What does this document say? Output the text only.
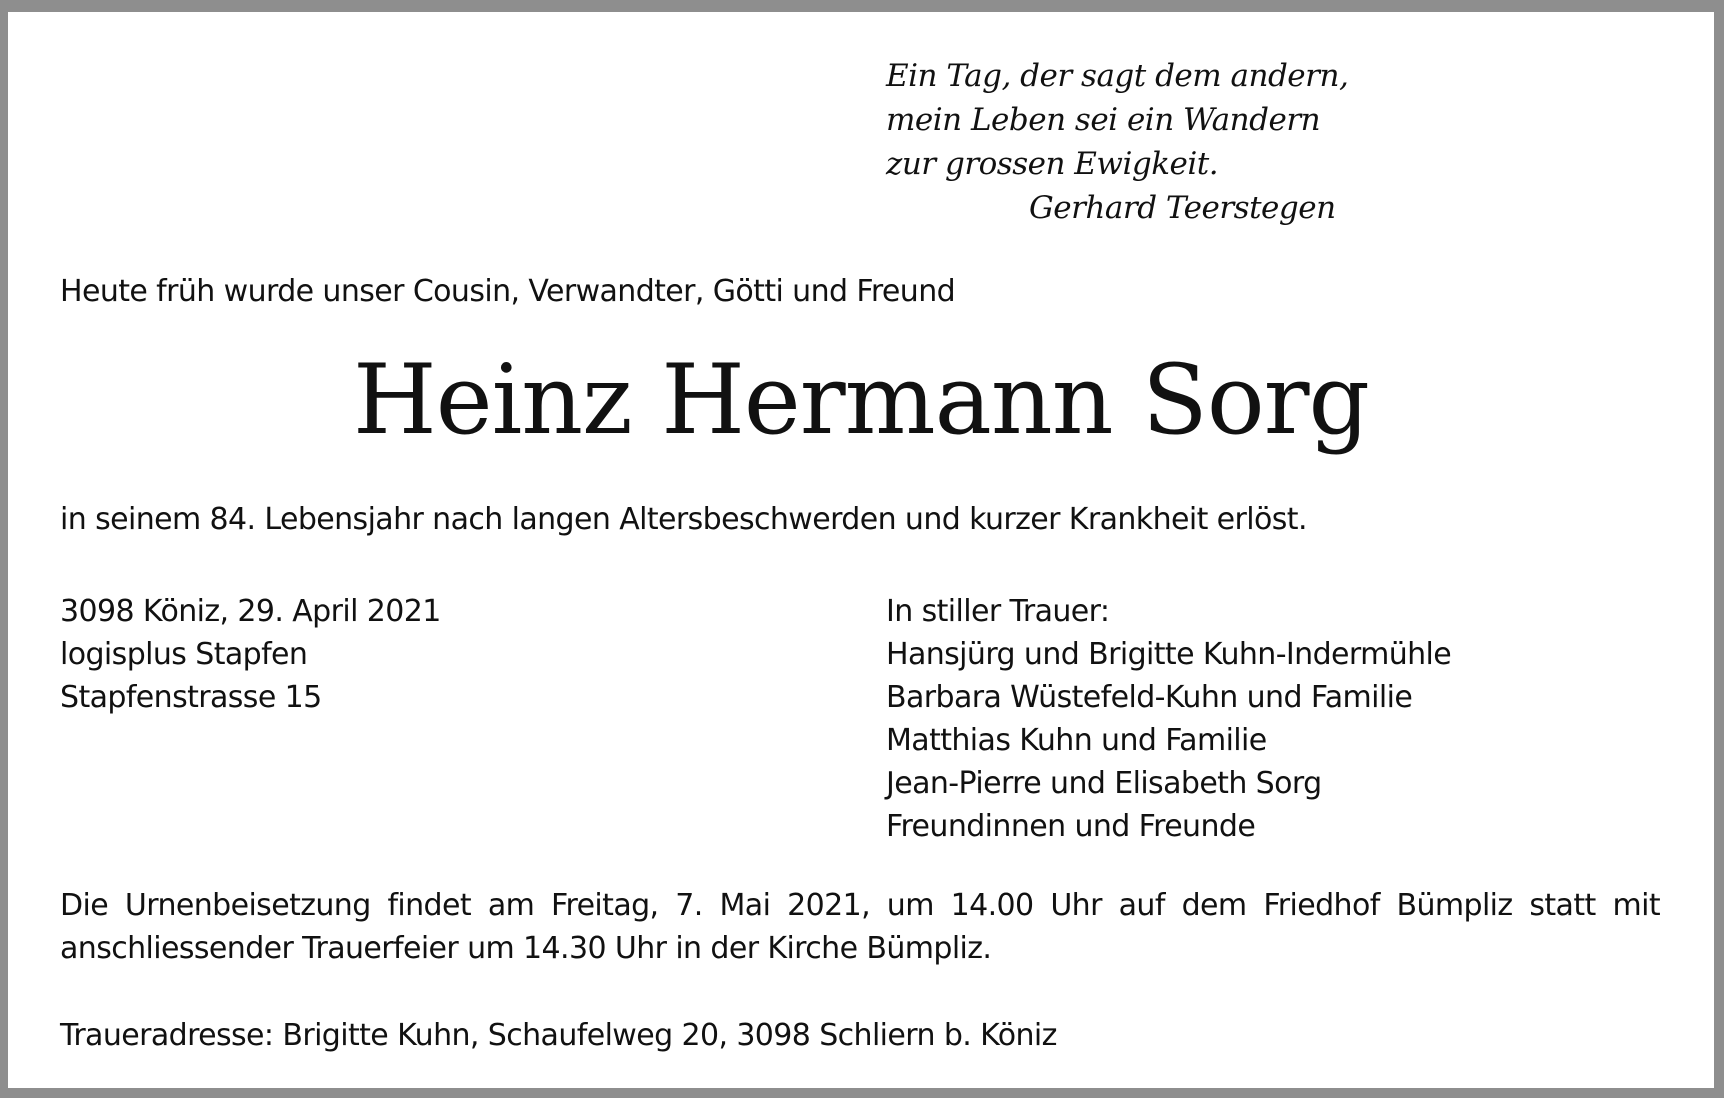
Ein Tag, der sagt dem andern,
mein Leben sei ein Wandern
zur grossen Ewigkeit.
Gerhard Teerstegen
Heute früh wurde unser Cousin, Verwandter, Götti und Freund
Heinz Hermann Sorg
in seinem 84. Lebensjahr nach langen Altersbeschwerden und kurzer Krankheit erlöst.
3098 Köniz, 29. April 2021
logisplus Stapfen
Stapfenstrasse 15
In stiller Trauer:
Hansjürg und Brigitte Kuhn-Indermühle
Barbara Wüstefeld-Kuhn und Familie
Matthias Kuhn und Familie
Jean-Pierre und Elisabeth Sorg
Freundinnen und Freunde
Die Urnenbeisetzung findet am Freitag, 7. Mai 2021, um 14.00 Uhr auf dem Friedhof Bümpliz statt mit
anschliessender Trauerfeier um 14.30 Uhr in der Kirche Bümpliz.
Traueradresse: Brigitte Kuhn, Schaufelweg 20, 3098 Schliern b. Köniz
